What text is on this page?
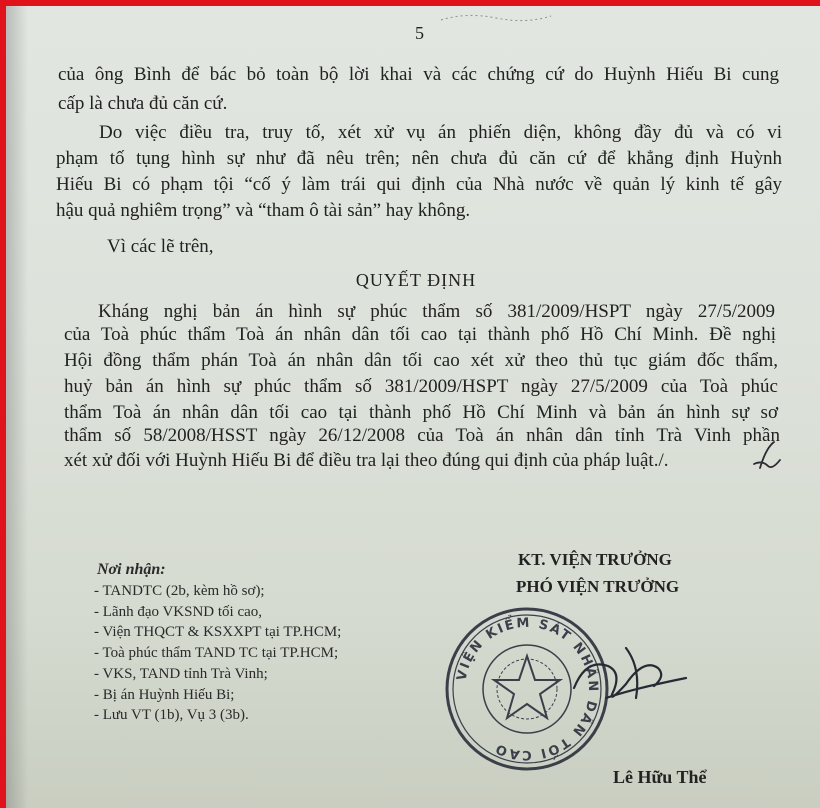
5
của ông Bình để bác bỏ toàn bộ lời khai và các chứng cứ do Huỳnh Hiếu Bi cung
cấp là chưa đủ căn cứ.
Do việc điều tra, truy tố, xét xử vụ án phiến diện, không đầy đủ và có vi
phạm tố tụng hình sự như đã nêu trên; nên chưa đủ căn cứ để khẳng định Huỳnh
Hiếu Bi có phạm tội “cố ý làm trái qui định của Nhà nước về quản lý kinh tế gây
hậu quả nghiêm trọng” và “tham ô tài sản” hay không.
Vì các lẽ trên,
QUYẾT ĐỊNH
Kháng nghị bản án hình sự phúc thẩm số 381/2009/HSPT ngày 27/5/2009
của Toà phúc thẩm Toà án nhân dân tối cao tại thành phố Hồ Chí Minh. Đề nghị
Hội đồng thẩm phán Toà án nhân dân tối cao xét xử theo thủ tục giám đốc thẩm,
huỷ bản án hình sự phúc thẩm số 381/2009/HSPT ngày 27/5/2009 của Toà phúc
thẩm Toà án nhân dân tối cao tại thành phố Hồ Chí Minh và bản án hình sự sơ
thẩm số 58/2008/HSST ngày 26/12/2008 của Toà án nhân dân tỉnh Trà Vinh phần
xét xử đối với Huỳnh Hiếu Bi để điều tra lại theo đúng qui định của pháp luật./.
Nơi nhận:
- TANDTC (2b, kèm hồ sơ);
- Lãnh đạo VKSND tối cao,
- Viện THQCT & KSXXPT tại TP.HCM;
- Toà phúc thẩm TAND TC tại TP.HCM;
- VKS, TAND tỉnh Trà Vinh;
- Bị án Huỳnh Hiếu Bi;
- Lưu VT (1b), Vụ 3 (3b).
KT. VIỆN TRƯỞNG
PHÓ VIỆN TRƯỞNG
VIỆN KIỂM SÁT NHÂN DÂN TỐI CAO
Lê Hữu Thể
